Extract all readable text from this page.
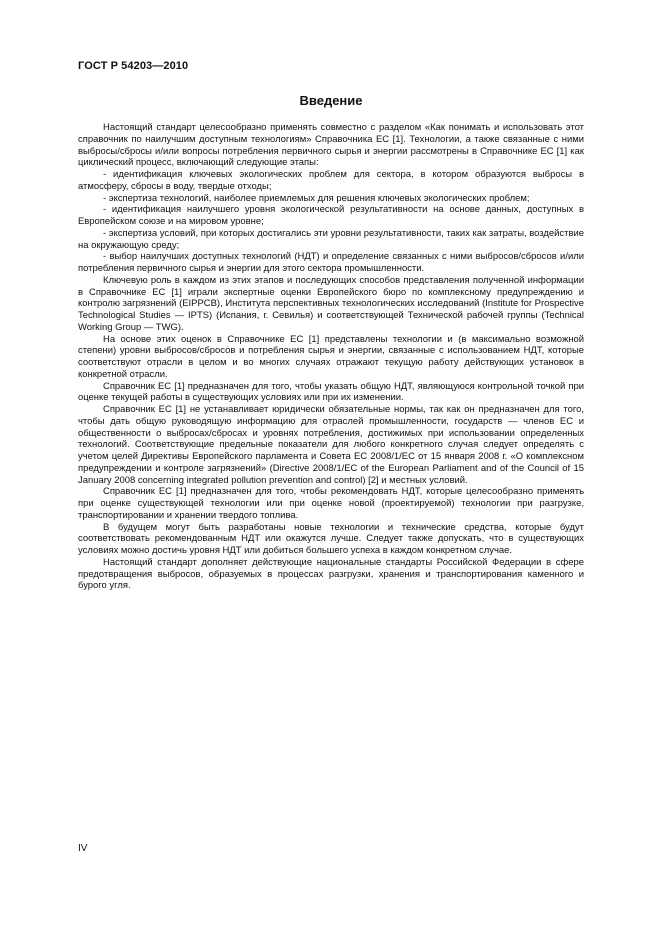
ГОСТ Р 54203—2010
Введение

Настоящий стандарт целесообразно применять совместно с разделом «Как понимать и использовать этот справочник по наилучшим доступным технологиям» Справочника ЕС [1]. Технологии, а также связанные с ними выбросы/сбросы и/или вопросы потребления первичного сырья и энергии рассмотрены в Справочнике ЕС [1] как циклический процесс, включающий следующие этапы:

- идентификация ключевых экологических проблем для сектора, в котором образуются выбросы в атмосферу, сбросы в воду, твердые отходы;

- экспертиза технологий, наиболее приемлемых для решения ключевых экологических проблем;

- идентификация наилучшего уровня экологической результативности на основе данных, доступных в Европейском союзе и на мировом уровне;

- экспертиза условий, при которых достигались эти уровни результативности, таких как затраты, воздействие на окружающую среду;

- выбор наилучших доступных технологий (НДТ) и определение связанных с ними выбросов/сбросов и/или потребления первичного сырья и энергии для этого сектора промышленности.

Ключевую роль в каждом из этих этапов и последующих способов представления полученной информации в Справочнике ЕС [1] играли экспертные оценки Европейского бюро по комплексному предупреждению и контролю загрязнений (EIPPCB), Института перспективных технологических исследований (Institute for Prospective Technological Studies — IPTS) (Испания, г. Севилья) и соответствующей Технической рабочей группы (Technical Working Group — TWG).

На основе этих оценок в Справочнике ЕС [1] представлены технологии и (в максимально возможной степени) уровни выбросов/сбросов и потребления сырья и энергии, связанные с использованием НДТ, которые соответствуют отрасли в целом и во многих случаях отражают текущую работу действующих установок в конкретной отрасли.

Справочник ЕС [1] предназначен для того, чтобы указать общую НДТ, являющуюся контрольной точкой при оценке текущей работы в существующих условиях или при их изменении.

Справочник ЕС [1] не устанавливает юридически обязательные нормы, так как он предназначен для того, чтобы дать общую руководящую информацию для отраслей промышленности, государств — членов ЕС и общественности о выбросах/сбросах и уровнях потребления, достижимых при использовании определенных технологий. Соответствующие предельные показатели для любого конкретного случая следует определять с учетом целей Директивы Европейского парламента и Совета ЕС 2008/1/ЕС от 15 января 2008 г. «О комплексном предупреждении и контроле загрязнений» (Directive 2008/1/EC of the European Parliament and of the Council of 15 January 2008 concerning integrated pollution prevention and control) [2] и местных условий.

Справочник ЕС [1] предназначен для того, чтобы рекомендовать НДТ, которые целесообразно применять при оценке существующей технологии или при оценке новой (проектируемой) технологии при разгрузке, транспортировании и хранении твердого топлива.

В будущем могут быть разработаны новые технологии и технические средства, которые будут соответствовать рекомендованным НДТ или окажутся лучше. Следует также допускать, что в существующих условиях можно достичь уровня НДТ или добиться большего успеха в каждом конкретном случае.

Настоящий стандарт дополняет действующие национальные стандарты Российской Федерации в сфере предотвращения выбросов, образуемых в процессах разгрузки, хранения и транспортирования каменного и бурого угля.

IV
